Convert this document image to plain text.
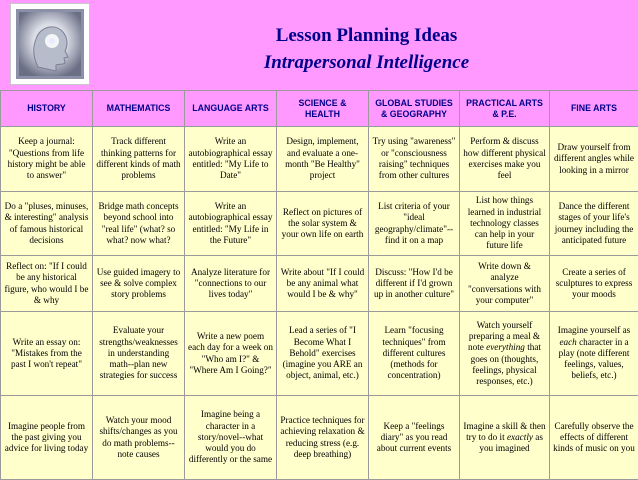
Lesson Planning Ideas
Intrapersonal Intelligence
HISTORY	MATHEMATICS	LANGUAGE ARTS	SCIENCE & HEALTH	GLOBAL STUDIES & GEOGRAPHY	PRACTICAL ARTS & P.E.	FINE ARTS
Keep a journal: "Questions from life history might be able to answer"	Track different thinking patterns for different kinds of math problems	Write an autobiographical essay entitled: "My Life to Date"	Design, implement, and evaluate a one-month "Be Healthy" project	Try using "awareness" or "consciousness raising" techniques from other cultures	Perform & discuss how different physical exercises make you feel	Draw yourself from different angles while looking in a mirror
Do a "pluses, minuses, & interesting" analysis of famous historical decisions	Bridge math concepts beyond school into "real life" (what? so what? now what?	Write an autobiographical essay entitled: "My Life in the Future"	Reflect on pictures of the solar system & your own life on earth	List criteria of your "ideal geography/climate"--find it on a map	List how things learned in industrial technology classes can help in your future life	Dance the different stages of your life's journey including the anticipated future
Reflect on: "If I could be any historical figure, who would I be & why	Use guided imagery to see & solve complex story problems	Analyze literature for "connections to our lives today"	Write about "If I could be any animal what would I be & why"	Discuss: "How I'd be different if I'd grown up in another culture"	Write down & analyze "conversations with your computer"	Create a series of sculptures to express your moods
Write an essay on: "Mistakes from the past I won't repeat"	Evaluate your strengths/weaknesses in understanding math--plan new strategies for success	Write a new poem each day for a week on "Who am I?" & "Where Am I Going?"	Lead a series of "I Become What I Behold" exercises (imagine you ARE an object, animal, etc.)	Learn "focusing techniques" from different cultures (methods for concentration)	Watch yourself preparing a meal & note everything that goes on (thoughts, feelings, physical responses, etc.)	Imagine yourself as each character in a play (note different feelings, values, beliefs, etc.)
Imagine people from the past giving you advice for living today	Watch your mood shifts/changes as you do math problems--note causes	Imagine being a character in a story/novel--what would you do differently or the same	Practice techniques for achieving relaxation & reducing stress (e.g. deep breathing)	Keep a "feelings diary" as you read about current events	Imagine a skill & then try to do it exactly as you imagined	Carefully observe the effects of different kinds of music on you
